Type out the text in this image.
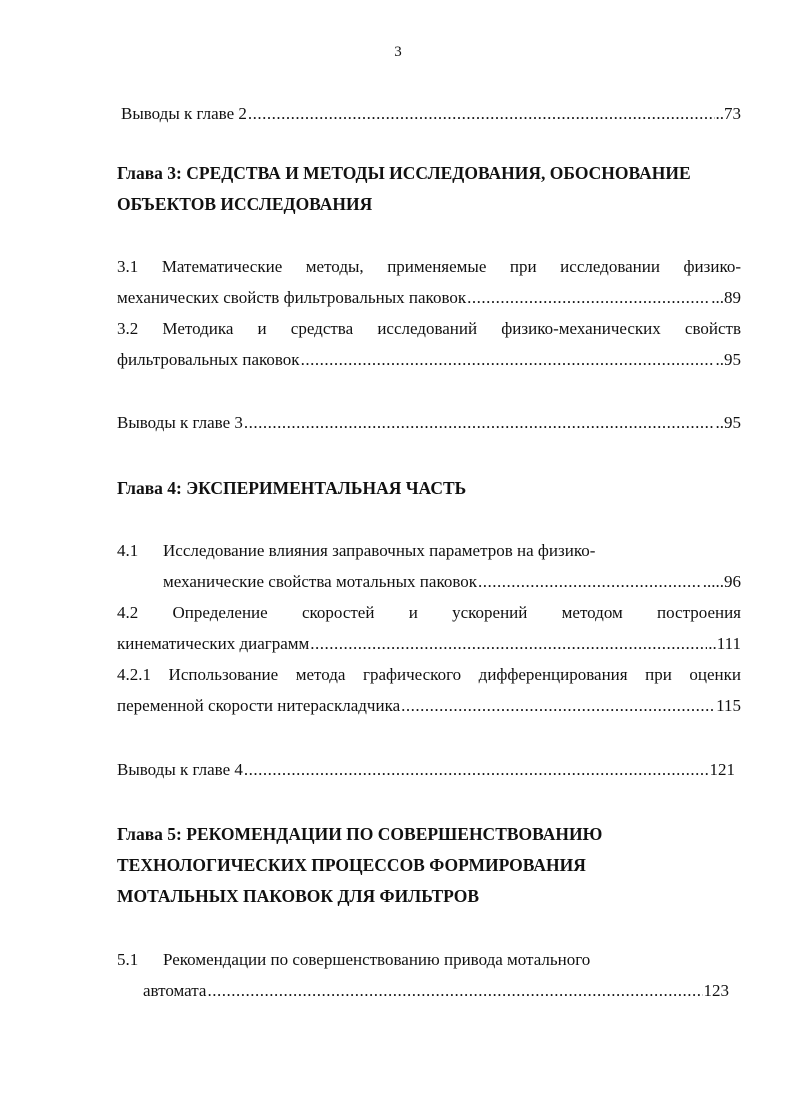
3
Выводы к главе 2 .....	..73
Глава 3: СРЕДСТВА И МЕТОДЫ ИССЛЕДОВАНИЯ, ОБОСНОВАНИЕ
ОБЪЕКТОВ ИССЛЕДОВАНИЯ
3.1 Математические методы, применяемые при исследовании физико-
механических свойств фильтровальных паковок .....	...89
3.2 Методика и средства исследований физико-механических свойств
фильтровальных паковок .....	..95
Выводы к главе 3 .....	..95
Глава 4: ЭКСПЕРИМЕНТАЛЬНАЯ ЧАСТЬ
4.1 Исследование влияния заправочных параметров на физико-
механические свойства мотальных паковок .....	.....96
4.2 Определение скоростей и ускорений методом построения
кинематических диаграмм .....	..111
4.2.1 Использование метода графического дифференцирования при оценки
переменной скорости нитераскладчика .....	115
Выводы к главе 4 .....	121
Глава 5: РЕКОМЕНДАЦИИ ПО СОВЕРШЕНСТВОВАНИЮ
ТЕХНОЛОГИЧЕСКИХ ПРОЦЕССОВ ФОРМИРОВАНИЯ
МОТАЛЬНЫХ ПАКОВОК ДЛЯ ФИЛЬТРОВ
5.1 Рекомендации по совершенствованию привода мотального
автомата .....	123
